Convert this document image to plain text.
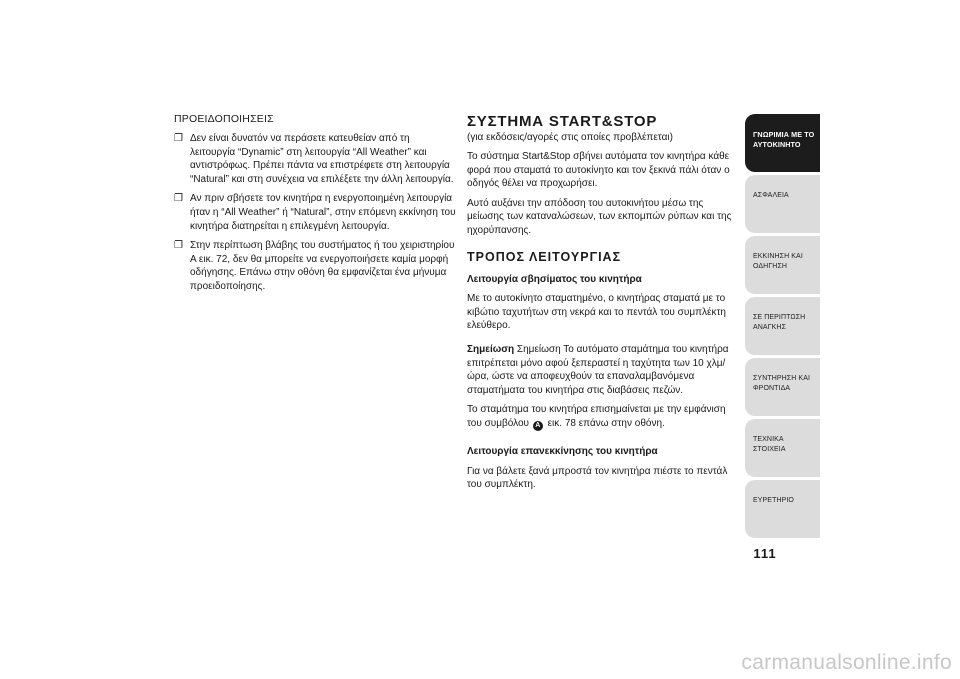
ΠΡΟΕΙΔΟΠΟΙΗΣΕΙΣ
❐ Δεν είναι δυνατόν να περάσετε κατευθείαν από τη λειτουργία “Dynamic” στη λειτουργία “All Weather” και αντιστρόφως. Πρέπει πάντα να επιστρέφετε στη λειτουργία “Natural” και στη συνέχεια να επιλέξετε την άλλη λειτουργία.
❐ Αν πριν σβήσετε τον κινητήρα η ενεργοποιημένη λειτουργία ήταν η “All Weather” ή “Natural”, στην επόμενη εκκίνηση του κινητήρα διατηρείται η επιλεγμένη λειτουργία.
❐ Στην περίπτωση βλάβης του συστήματος ή του χειριστηρίου A εικ. 72, δεν θα μπορείτε να ενεργοποιήσετε καμία μορφή οδήγησης. Επάνω στην οθόνη θα εμφανίζεται ένα μήνυμα προειδοποίησης.
ΣΥΣΤΗΜΑ START&STOP
(για εκδόσεις/αγορές στις οποίες προβλέπεται)

Το σύστημα Start&Stop σβήνει αυτόματα τον κινητήρα κάθε φορά που σταματά το αυτοκίνητο και τον ξεκινά πάλι όταν ο οδηγός θέλει να προχωρήσει.

Αυτό αυξάνει την απόδοση του αυτοκινήτου μέσω της μείωσης των καταναλώσεων, των εκπομπών ρύπων και της ηχορύπανσης.

ΤΡΟΠΟΣ ΛΕΙΤΟΥΡΓΙΑΣ
Λειτουργία σβησίματος του κινητήρα

Με το αυτοκίνητο σταματημένο, ο κινητήρας σταματά με το κιβώτιο ταχυτήτων στη νεκρά και το πεντάλ του συμπλέκτη ελεύθερο.

Σημείωση Σημείωση Το αυτόματο σταμάτημα του κινητήρα επιτρέπεται μόνο αφού ξεπεραστεί η ταχύτητα των 10 χλμ/ώρα, ώστε να αποφευχθούν τα επαναλαμβανόμενα σταματήματα του κινητήρα στις διαβάσεις πεζών.

Το σταμάτημα του κινητήρα επισημαίνεται με την εμφάνιση του συμβόλου A εικ. 78 επάνω στην οθόνη.

Λειτουργία επανεκκίνησης του κινητήρα

Για να βάλετε ξανά μπροστά τον κινητήρα πιέστε το πεντάλ του συμπλέκτη.

ΓΝΩΡΙΜΙΑ ΜΕ ΤΟ ΑΥΤΟΚΙΝΗΤΟ
ΑΣΦΑΛΕΙΑ
ΕΚΚΙΝΗΣΗ ΚΑΙ ΟΔΗΓΗΣΗ
ΣΕ ΠΕΡΙΠΤΩΣΗ ΑΝΑΓΚΗΣ
ΣΥΝΤΗΡΗΣΗ ΚΑΙ ΦΡΟΝΤΙΔΑ
ΤΕΧΝΙΚΑ ΣΤΟΙΧΕΙΑ
ΕΥΡΕΤΗΡΙΟ
111
carmanualsonline.info
